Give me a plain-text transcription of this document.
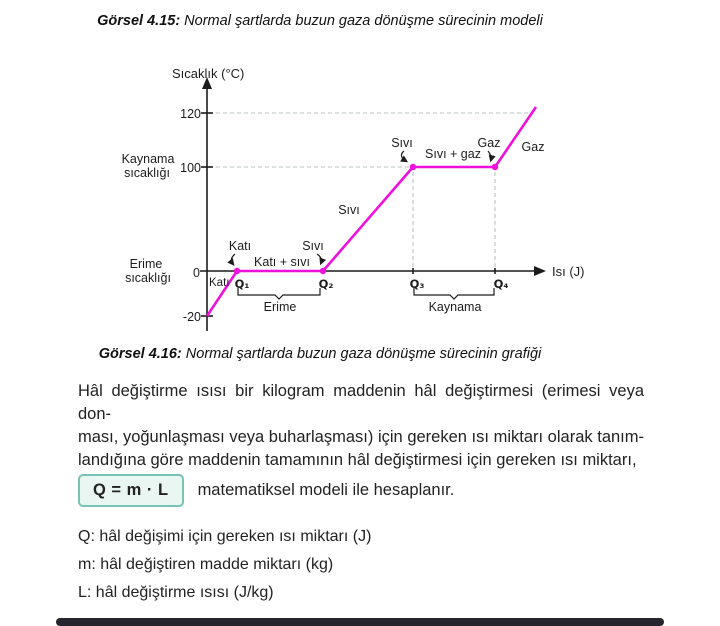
Görsel 4.15: Normal şartlarda buzun gaza dönüşme sürecinin modeli
Sıcaklık (°C)
Isı (J)
120
100
0
-20
Kaynama
sıcaklığı
Erime
sıcaklığı
Katı	Sıvı
Katı + sıvı
Katı
Sıvı
Sıvı
Sıvı + gaz
Gaz Gaz
Q₁	Q₂	Q₃	Q₄
Erime	Kaynama
Görsel 4.16: Normal şartlarda buzun gaza dönüşme sürecinin grafiği
Hâl değiştirme ısısı bir kilogram maddenin hâl değiştirmesi (erimesi veya don-
ması, yoğunlaşması veya buharlaşması) için gereken ısı miktarı olarak tanım-
landığına göre maddenin tamamının hâl değiştirmesi için gereken ısı miktarı,
Q = m · L	matematiksel modeli ile hesaplanır.

Q: hâl değişimi için gereken ısı miktarı (J)

m: hâl değiştiren madde miktarı (kg)

L: hâl değiştirme ısısı (J/kg)
